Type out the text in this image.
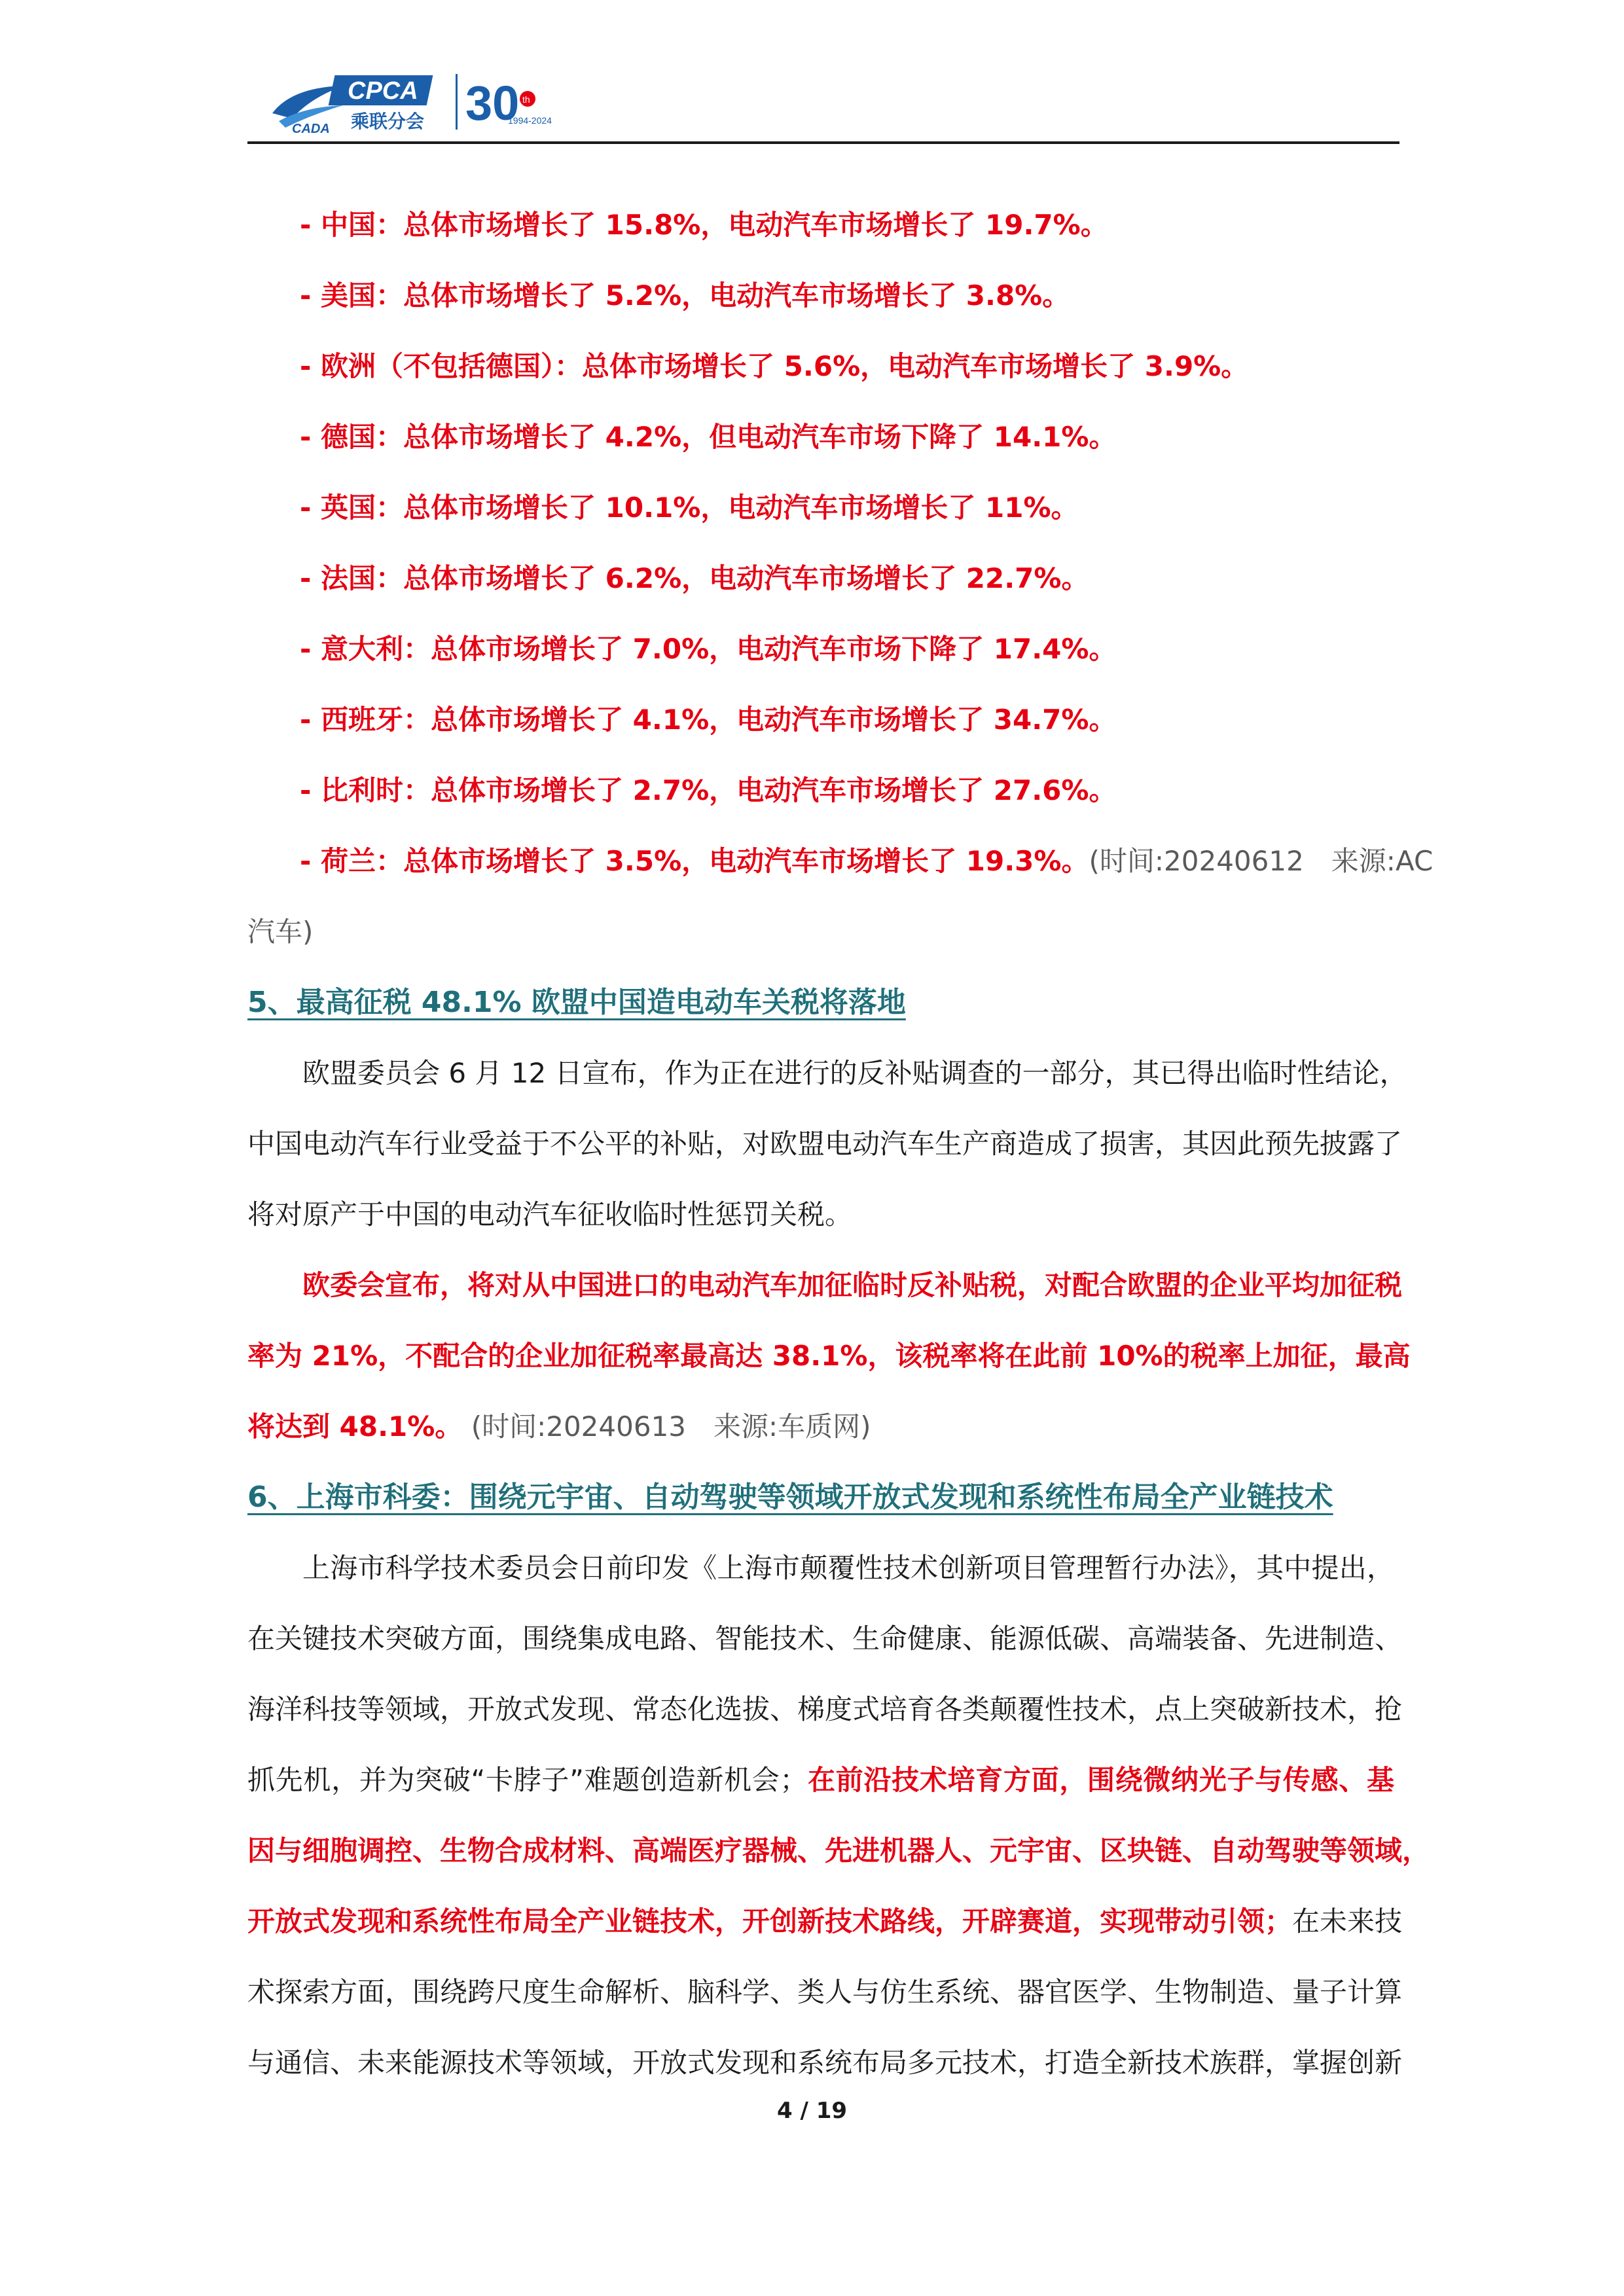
CADA
CPCA
乘联分会 30 th
1994-2024
- 中国：总体市场增长了 15.8%，电动汽车市场增长了 19.7%。
- 美国：总体市场增长了 5.2%，电动汽车市场增长了 3.8%。
- 欧洲（不包括德国）：总体市场增长了 5.6%，电动汽车市场增长了 3.9%。
- 德国：总体市场增长了 4.2%，但电动汽车市场下降了 14.1%。
- 英国：总体市场增长了 10.1%，电动汽车市场增长了 11%。
- 法国：总体市场增长了 6.2%，电动汽车市场增长了 22.7%。
- 意大利：总体市场增长了 7.0%，电动汽车市场下降了 17.4%。
- 西班牙：总体市场增长了 4.1%，电动汽车市场增长了 34.7%。
- 比利时：总体市场增长了 2.7%，电动汽车市场增长了 27.6%。
- 荷兰：总体市场增长了 3.5%，电动汽车市场增长了 19.3%。(时间:20240612　来源:AC
汽车)
5、最高征税 48.1% 欧盟中国造电动车关税将落地
欧盟委员会 6 月 12 日宣布，作为正在进行的反补贴调查的一部分，其已得出临时性结论，
中国电动汽车行业受益于不公平的补贴，对欧盟电动汽车生产商造成了损害，其因此预先披露了
将对原产于中国的电动汽车征收临时性惩罚关税。
欧委会宣布，将对从中国进口的电动汽车加征临时反补贴税，对配合欧盟的企业平均加征税
率为 21%，不配合的企业加征税率最高达 38.1%，该税率将在此前 10%的税率上加征，最高
将达到 48.1%。 (时间:20240613　来源:车质网)
6、上海市科委：围绕元宇宙、自动驾驶等领域开放式发现和系统性布局全产业链技术
上海市科学技术委员会日前印发《上海市颠覆性技术创新项目管理暂行办法》，其中提出，
在关键技术突破方面，围绕集成电路、智能技术、生命健康、能源低碳、高端装备、先进制造、
海洋科技等领域，开放式发现、常态化选拔、梯度式培育各类颠覆性技术，点上突破新技术，抢
抓先机，并为突破“卡脖子”难题创造新机会；在前沿技术培育方面，围绕微纳光子与传感、基
因与细胞调控、生物合成材料、高端医疗器械、先进机器人、元宇宙、区块链、自动驾驶等领域，
开放式发现和系统性布局全产业链技术，开创新技术路线，开辟赛道，实现带动引领；在未来技
术探索方面，围绕跨尺度生命解析、脑科学、类人与仿生系统、器官医学、生物制造、量子计算
与通信、未来能源技术等领域，开放式发现和系统布局多元技术，打造全新技术族群，掌握创新
4 / 19
